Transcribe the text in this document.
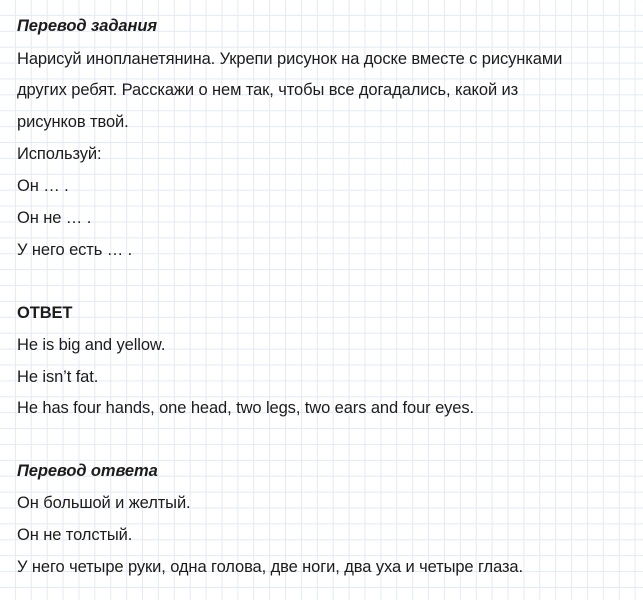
Перевод задания
Нарисуй инопланетянина. Укрепи рисунок на доске вместе с рисунками
других ребят. Расскажи о нем так, чтобы все догадались, какой из
рисунков твой.
Используй:
Он … .
Он не … .
У него есть … .
ОТВЕТ
He is big and yellow.
He isn’t fat.
He has four hands, one head, two legs, two ears and four eyes.
Перевод ответа
Он большой и желтый.
Он не толстый.
У него четыре руки, одна голова, две ноги, два уха и четыре глаза.
